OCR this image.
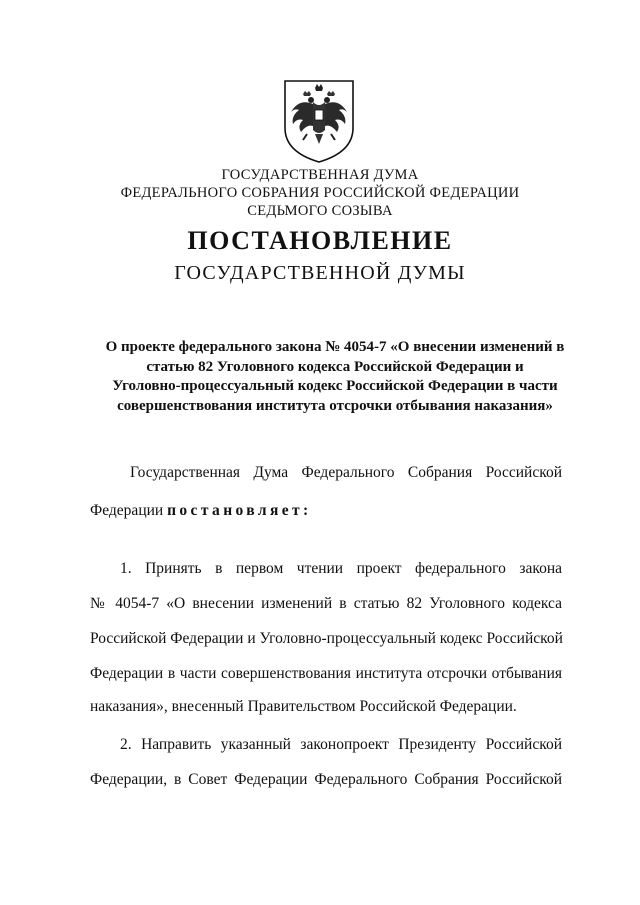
ГОСУДАРСТВЕННАЯ ДУМА
ФЕДЕРАЛЬНОГО СОБРАНИЯ РОССИЙСКОЙ ФЕДЕРАЦИИ
СЕДЬМОГО СОЗЫВА
ПОСТАНОВЛЕНИЕ
ГОСУДАРСТВЕННОЙ ДУМЫ
О проекте федерального закона № 4054-7 «О внесении изменений в
статью 82 Уголовного кодекса Российской Федерации и
Уголовно-процессуальный кодекс Российской Федерации в части
совершенствования института отсрочки отбывания наказания»
Государственная Дума Федерального Собрания Российской
Федерации постановляет:
1. Принять в первом чтении проект федерального закона
№ 4054-7 «О внесении изменений в статью 82 Уголовного кодекса
Российской Федерации и Уголовно-процессуальный кодекс Российской
Федерации в части совершенствования института отсрочки отбывания
наказания», внесенный Правительством Российской Федерации.
2. Направить указанный законопроект Президенту Российской
Федерации, в Совет Федерации Федерального Собрания Российской
